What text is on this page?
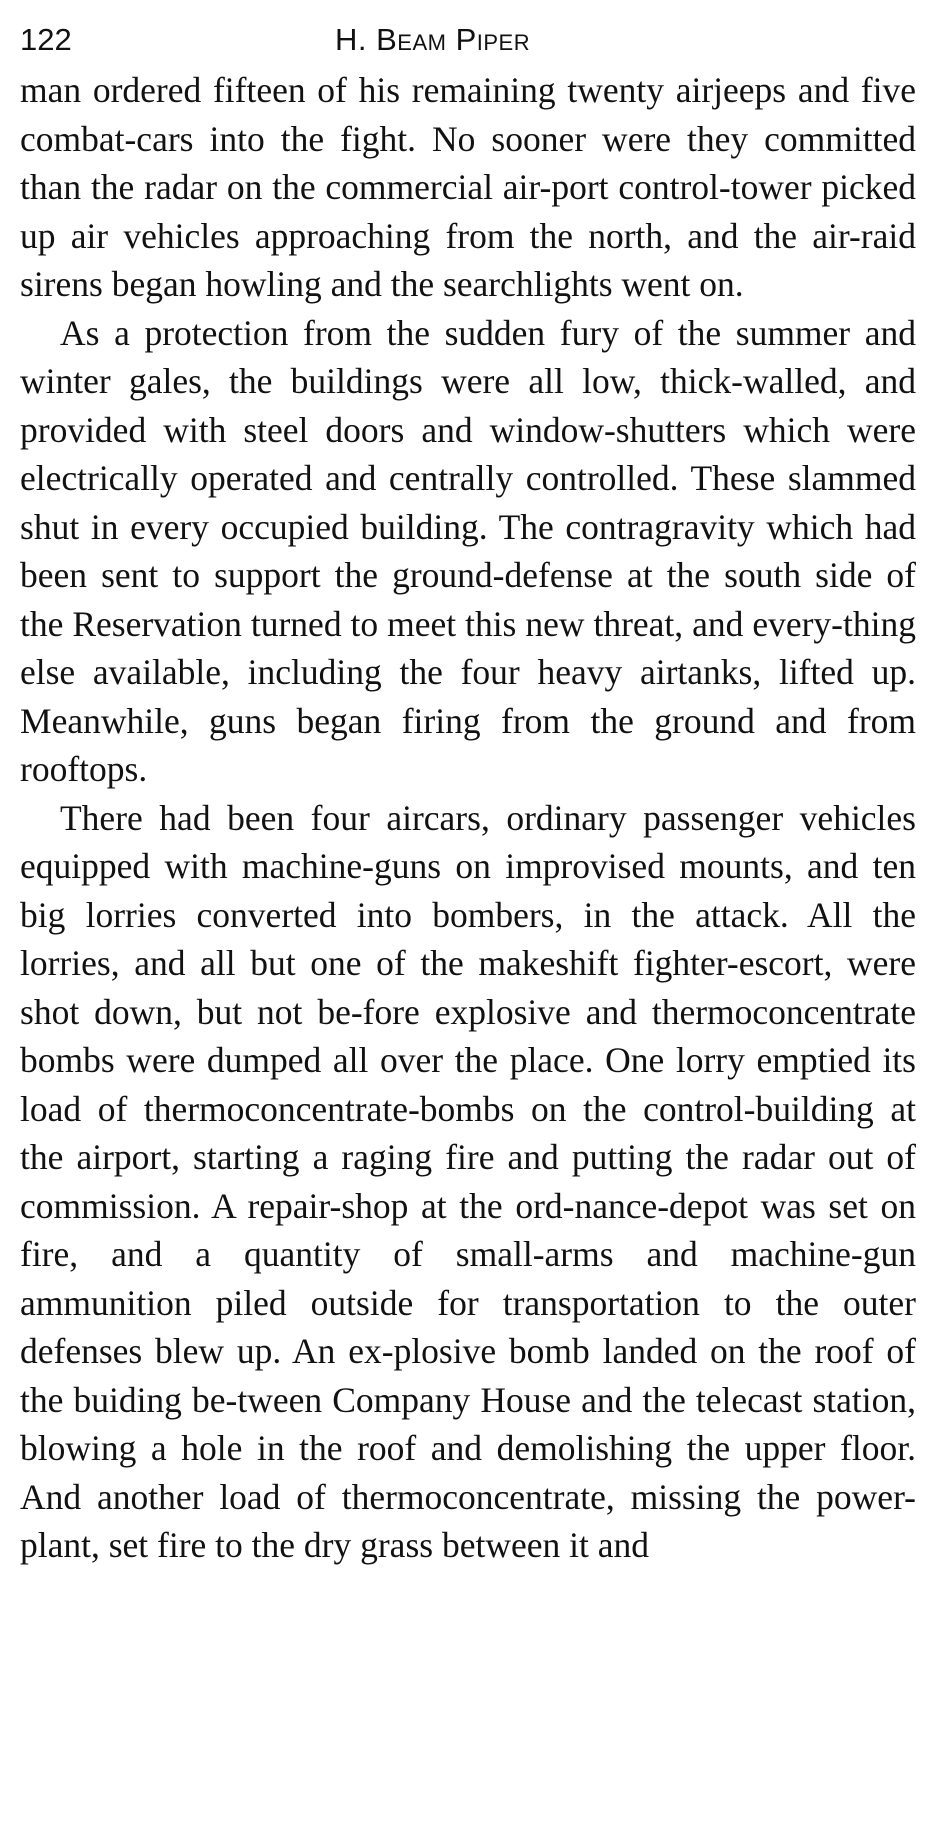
122	H. Beam Piper

man ordered fifteen of his remaining twenty airjeeps and five combat-cars into the fight. No sooner were they committed than the radar on the commercial air-port control-tower picked up air vehicles approaching from the north, and the air-raid sirens began howling and the searchlights went on.

As a protection from the sudden fury of the summer and winter gales, the buildings were all low, thick-walled, and provided with steel doors and window-shutters which were electrically operated and centrally controlled. These slammed shut in every occupied building. The contragravity which had been sent to support the ground-defense at the south side of the Reservation turned to meet this new threat, and every-thing else available, including the four heavy airtanks, lifted up. Meanwhile, guns began firing from the ground and from rooftops.

There had been four aircars, ordinary passenger vehicles equipped with machine-guns on improvised mounts, and ten big lorries converted into bombers, in the attack. All the lorries, and all but one of the makeshift fighter-escort, were shot down, but not be-fore explosive and thermoconcentrate bombs were dumped all over the place. One lorry emptied its load of thermoconcentrate-bombs on the control-building at the airport, starting a raging fire and putting the radar out of commission. A repair-shop at the ord-nance-depot was set on fire, and a quantity of small-arms and machine-gun ammunition piled outside for transportation to the outer defenses blew up. An ex-plosive bomb landed on the roof of the buiding be-tween Company House and the telecast station, blowing a hole in the roof and demolishing the upper floor. And another load of thermoconcentrate, missing the power-plant, set fire to the dry grass between it and
